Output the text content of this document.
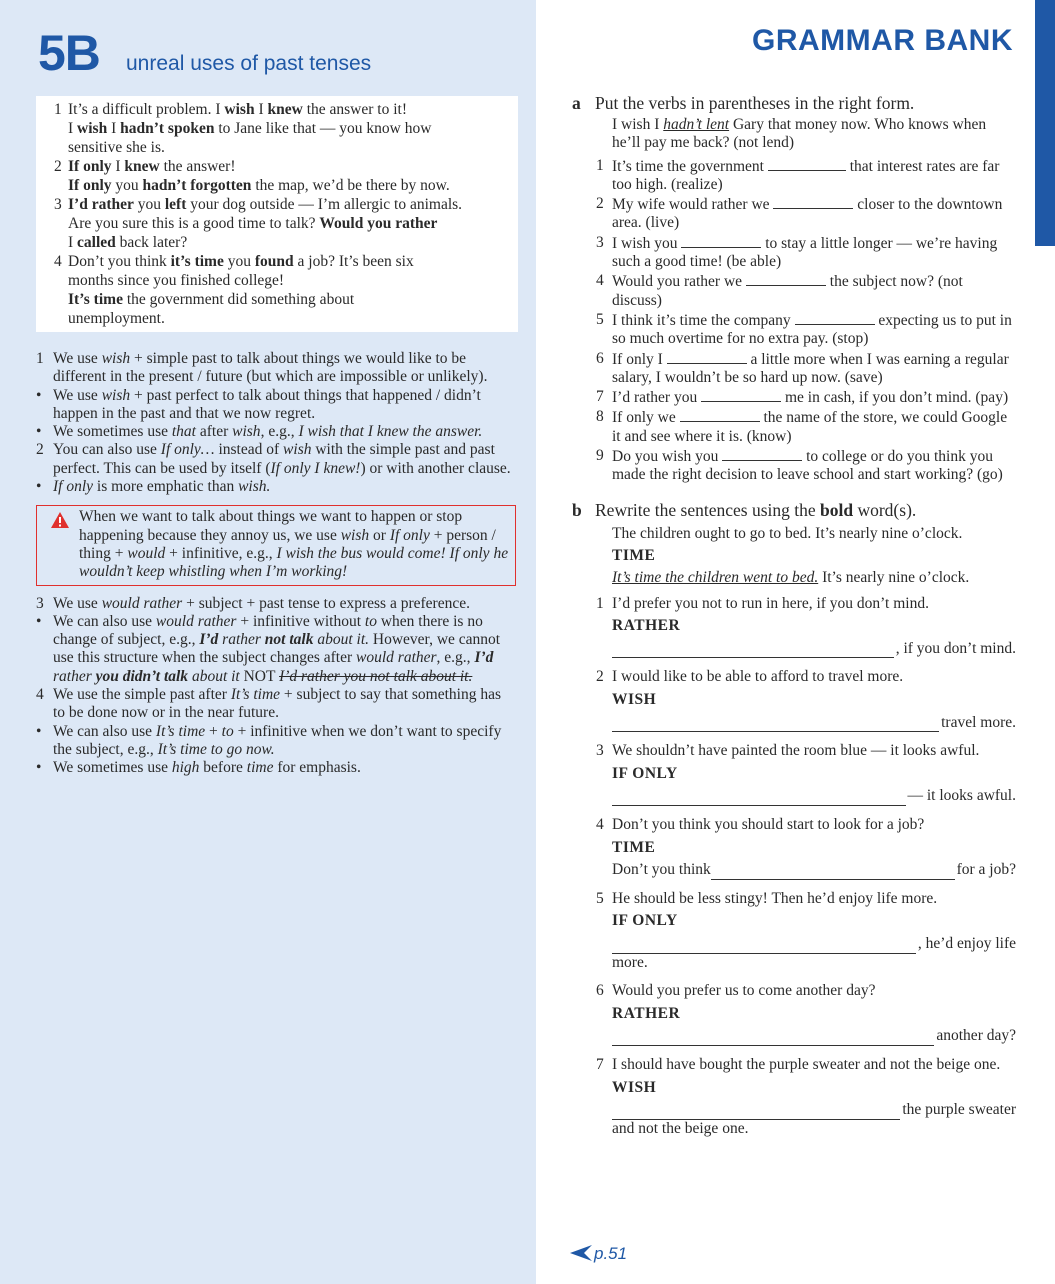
5B unreal uses of past tenses
GRAMMAR BANK
1 It’s a difficult problem. I wish I knew the answer to it!
I wish I hadn’t spoken to Jane like that — you know how
sensitive she is.
2 If only I knew the answer!
If only you hadn’t forgotten the map, we’d be there by now.
3 I’d rather you left your dog outside — I’m allergic to animals.
Are you sure this is a good time to talk? Would you rather
I called back later?
4 Don’t you think it’s time you found a job? It’s been six
months since you finished college!
It’s time the government did something about
unemployment.
1 We use wish + simple past to talk about things we would like to be different in the present / future (but which are impossible or unlikely).
• We use wish + past perfect to talk about things that happened / didn’t happen in the past and that we now regret.
• We sometimes use that after wish, e.g., I wish that I knew the answer.
2 You can also use If only… instead of wish with the simple past and past perfect. This can be used by itself (If only I knew!) or with another clause.
• If only is more emphatic than wish.
When we want to talk about things we want to happen or stop happening because they annoy us, we use wish or If only + person / thing + would + infinitive, e.g., I wish the bus would come! If only he wouldn’t keep whistling when I’m working!
3 We use would rather + subject + past tense to express a preference.
• We can also use would rather + infinitive without to when there is no change of subject, e.g., I’d rather not talk about it. However, we cannot use this structure when the subject changes after would rather, e.g., I’d rather you didn’t talk about it NOT I’d rather you not talk about it.
4 We use the simple past after It’s time + subject to say that something has to be done now or in the near future.
• We can also use It’s time + to + infinitive when we don’t want to specify the subject, e.g., It’s time to go now.
• We sometimes use high before time for emphasis.
a Put the verbs in parentheses in the right form.
I wish I hadn’t lent Gary that money now. Who knows when he’ll pay me back? (not lend)
1 It’s time the government	that interest rates are far too high. (realize)
2 My wife would rather we	closer to the downtown area. (live)
3 I wish you	to stay a little longer — we’re having such a good time! (be able)
4 Would you rather we	the subject now? (not discuss)
5 I think it’s time the company	expecting us to put in so much overtime for no extra pay. (stop)
6 If only I	a little more when I was earning a regular salary, I wouldn’t be so hard up now. (save)
7 I’d rather you	me in cash, if you don’t mind. (pay)
8 If only we	the name of the store, we could Google it and see where it is. (know)
9 Do you wish you	to college or do you think you made the right decision to leave school and start working? (go)
b Rewrite the sentences using the bold word(s).
The children ought to go to bed. It’s nearly nine o’clock.
TIME
It’s time the children went to bed. It’s nearly nine o’clock.
1 I’d prefer you not to run in here, if you don’t mind.
RATHER
, if you don’t mind.
2 I would like to be able to afford to travel more.
WISH
travel more.
3 We shouldn’t have painted the room blue — it looks awful.
IF ONLY
— it looks awful.
4 Don’t you think you should start to look for a job?
TIME
Don’t you think	for a job?
5 He should be less stingy! Then he’d enjoy life more.
IF ONLY
, he’d enjoy life
more.
6 Would you prefer us to come another day?
RATHER
another day?
7 I should have bought the purple sweater and not the beige one.
WISH
the purple sweater
and not the beige one.
p.51
